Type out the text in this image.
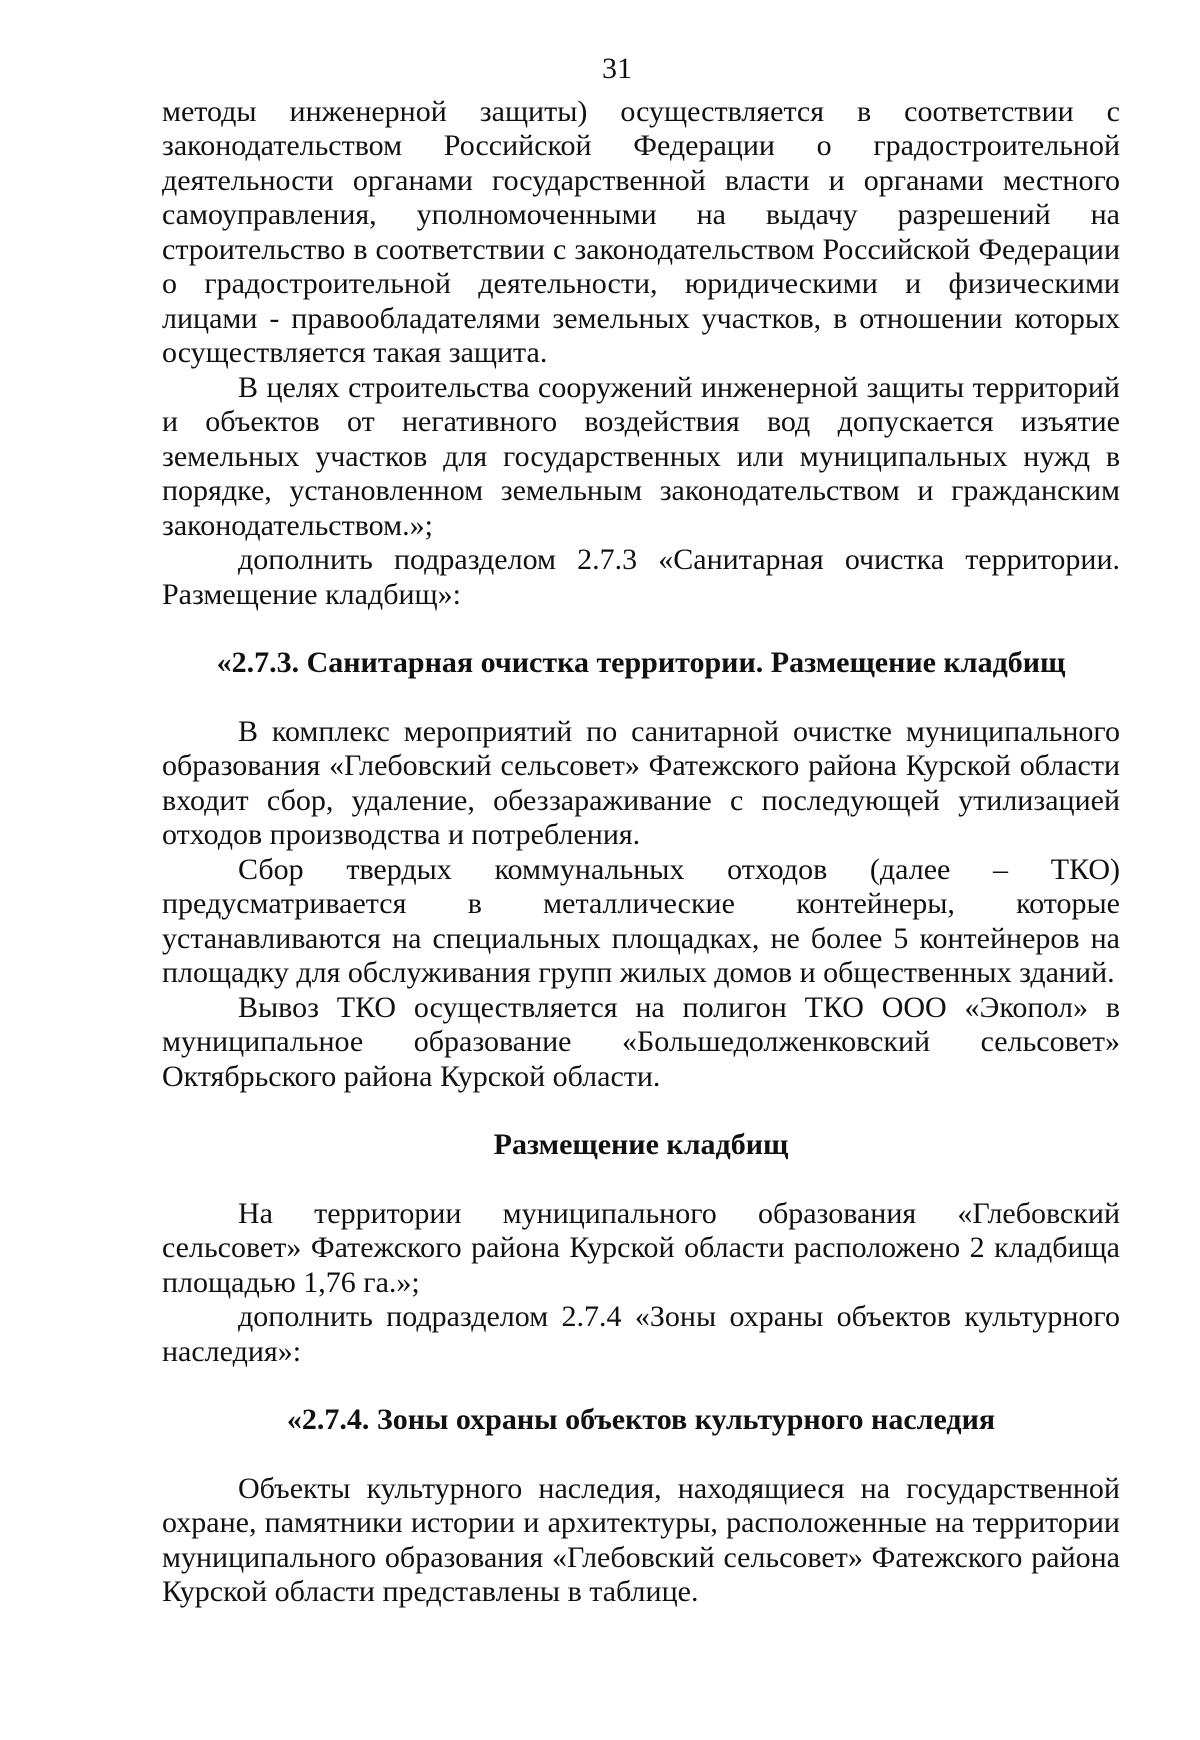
31

методы инженерной защиты) осуществляется в соответствии с законодательством Российской Федерации о градостроительной деятельности органами государственной власти и органами местного самоуправления, уполномоченными на выдачу разрешений на строительство в соответствии с законодательством Российской Федерации о градостроительной деятельности, юридическими и физическими лицами - правообладателями земельных участков, в отношении которых осуществляется такая защита.

В целях строительства сооружений инженерной защиты территорий и объектов от негативного воздействия вод допускается изъятие земельных участков для государственных или муниципальных нужд в порядке, установленном земельным законодательством и гражданским законодательством.»;

дополнить подразделом 2.7.3 «Санитарная очистка территории. Размещение кладбищ»:

«2.7.3. Санитарная очистка территории. Размещение кладбищ

В комплекс мероприятий по санитарной очистке муниципального образования «Глебовский сельсовет» Фатежского района Курской области входит сбор, удаление, обеззараживание с последующей утилизацией отходов производства и потребления.

Сбор твердых коммунальных отходов (далее – ТКО) предусматривается в металлические контейнеры, которые устанавливаются на специальных площадках, не более 5 контейнеров на площадку для обслуживания групп жилых домов и общественных зданий.

Вывоз ТКО осуществляется на полигон ТКО ООО «Экопол» в муниципальное образование «Большедолженковский сельсовет» Октябрьского района Курской области.

Размещение кладбищ

На территории муниципального образования «Глебовский сельсовет» Фатежского района Курской области расположено 2 кладбища площадью 1,76 га.»;

дополнить подразделом 2.7.4 «Зоны охраны объектов культурного наследия»:

«2.7.4. Зоны охраны объектов культурного наследия

Объекты культурного наследия, находящиеся на государственной охране, памятники истории и архитектуры, расположенные на территории муниципального образования «Глебовский сельсовет» Фатежского района Курской области представлены в таблице.
